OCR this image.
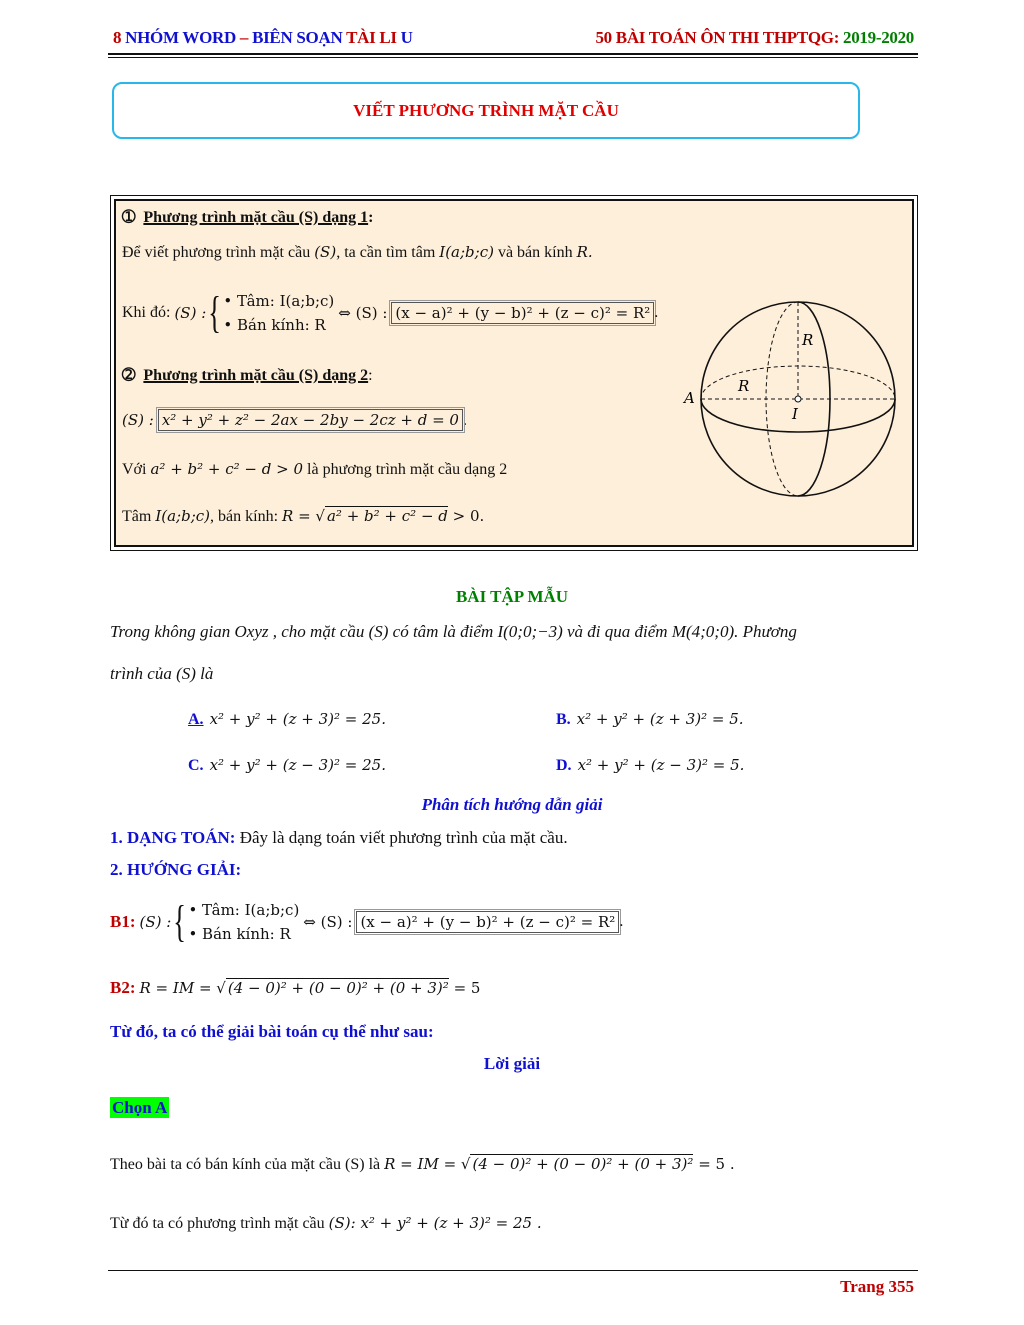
8 NHÓM WORD – BIÊN SOẠN TÀI LI U	50 BÀI TOÁN ÔN THI THPTQG: 2019-2020
VIẾT PHƯƠNG TRÌNH MẶT CẦU
➀ Phương trình mặt cầu (S) dạng 1:
Để viết phương trình mặt cầu (S), ta cần tìm tâm I(a;b;c) và bán kính R.
Khi đó:
(S) : { • Tâm: I(a;b;c)
• Bán kính: R

⇔ (S) :
(x − a)² + (y − b)² + (z − c)² = R² .
➁ Phương trình mặt cầu (S) dạng 2:
(S) : x² + y² + z² − 2ax − 2by − 2cz + d = 0 .
Với a² + b² + c² − d > 0 là phương trình mặt cầu dạng 2
Tâm I(a;b;c), bán kính: R = √ a² + b² + c² − d > 0.
A
R
R
I
BÀI TẬP MẪU
Trong không gian Oxyz , cho mặt cầu (S) có tâm là điểm I(0;0;−3) và đi qua điểm M(4;0;0). Phương
trình của (S) là
A. x² + y² + (z + 3)² = 25.	B. x² + y² + (z + 3)² = 5.
C. x² + y² + (z − 3)² = 25.	D. x² + y² + (z − 3)² = 5.
Phân tích hướng dẫn giải
1. DẠNG TOÁN: Đây là dạng toán viết phương trình của mặt cầu.
2. HƯỚNG GIẢI:
B1:
(S) : { • Tâm: I(a;b;c)
• Bán kính: R

⇔ (S) :
(x − a)² + (y − b)² + (z − c)² = R² .
B2: R = IM = √ (4 − 0)² + (0 − 0)² + (0 + 3)² = 5
Từ đó, ta có thể giải bài toán cụ thể như sau:
Lời giải
Chọn A
Theo bài ta có bán kính của mặt cầu (S) là R = IM = √ (4 − 0)² + (0 − 0)² + (0 + 3)² = 5 .
Từ đó ta có phương trình mặt cầu (S): x² + y² + (z + 3)² = 25 .
Trang 355
